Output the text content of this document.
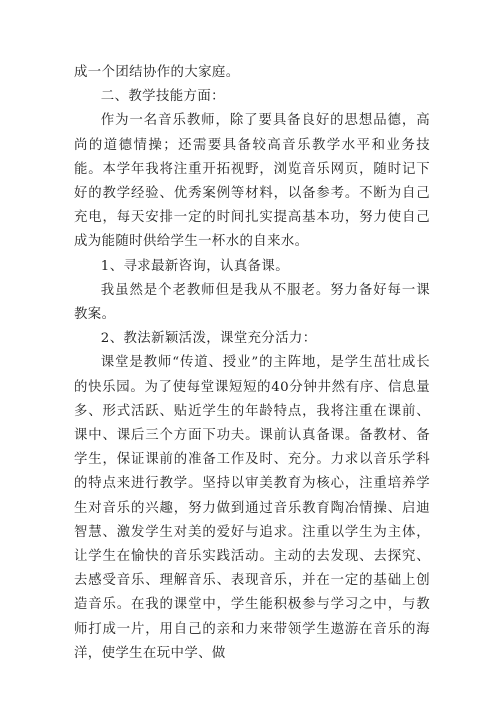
成一个团结协作的大家庭。

二、教学技能方面：

作为一名音乐教师，除了要具备良好的思想品德，高尚的道德情操；还需要具备较高音乐教学水平和业务技能。本学年我将注重开拓视野，浏览音乐网页，随时记下好的教学经验、优秀案例等材料，以备参考。不断为自己充电，每天安排一定的时间扎实提高基本功，努力使自己成为能随时供给学生一杯水的自来水。

1、寻求最新咨询，认真备课。

我虽然是个老教师但是我从不服老。努力备好每一课教案。

2、教法新颖活泼，课堂充分活力：

课堂是教师“传道、授业”的主阵地，是学生茁壮成长的快乐园。为了使每堂课短短的40分钟井然有序、信息量多、形式活跃、贴近学生的年龄特点，我将注重在课前、课中、课后三个方面下功夫。课前认真备课。备教材、备学生，保证课前的准备工作及时、充分。力求以音乐学科的特点来进行教学。坚持以审美教育为核心，注重培养学生对音乐的兴趣，努力做到通过音乐教育陶冶情操、启迪智慧、激发学生对美的爱好与追求。注重以学生为主体，让学生在愉快的音乐实践活动。主动的去发现、去探究、去感受音乐、理解音乐、表现音乐，并在一定的基础上创造音乐。在我的课堂中，学生能积极参与学习之中，与教师打成一片，用自己的亲和力来带领学生遨游在音乐的海洋，使学生在玩中学、做
